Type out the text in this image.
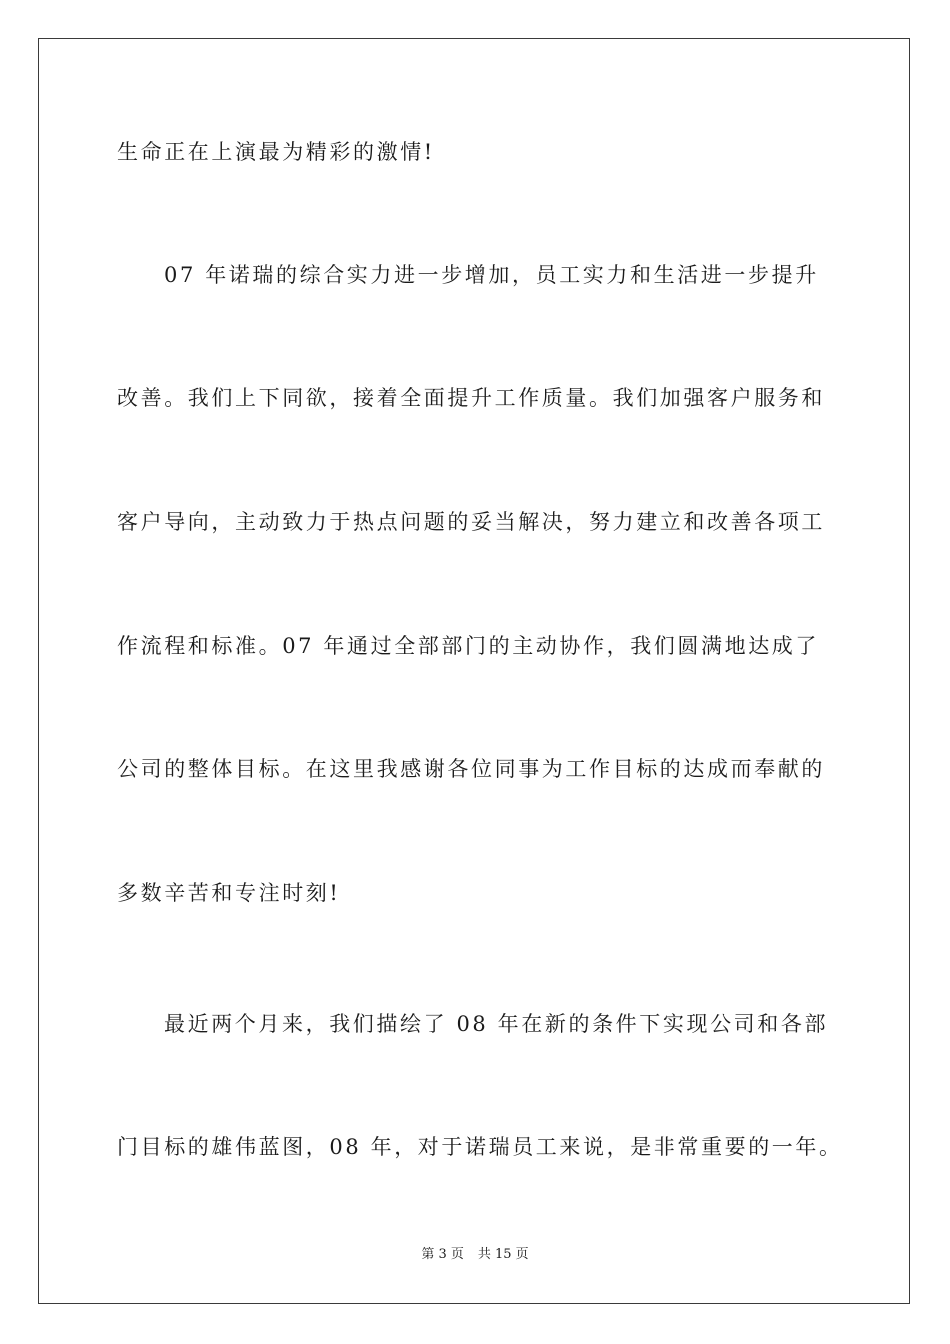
生命正在上演最为精彩的激情!
07 年诺瑞的综合实力进一步增加，员工实力和生活进一步提升
改善。我们上下同欲，接着全面提升工作质量。我们加强客户服务和
客户导向，主动致力于热点问题的妥当解决，努力建立和改善各项工
作流程和标准。07 年通过全部部门的主动协作，我们圆满地达成了
公司的整体目标。在这里我感谢各位同事为工作目标的达成而奉献的
多数辛苦和专注时刻!
最近两个月来，我们描绘了 08 年在新的条件下实现公司和各部
门目标的雄伟蓝图，08 年，对于诺瑞员工来说，是非常重要的一年。
第 3 页 共 15 页
